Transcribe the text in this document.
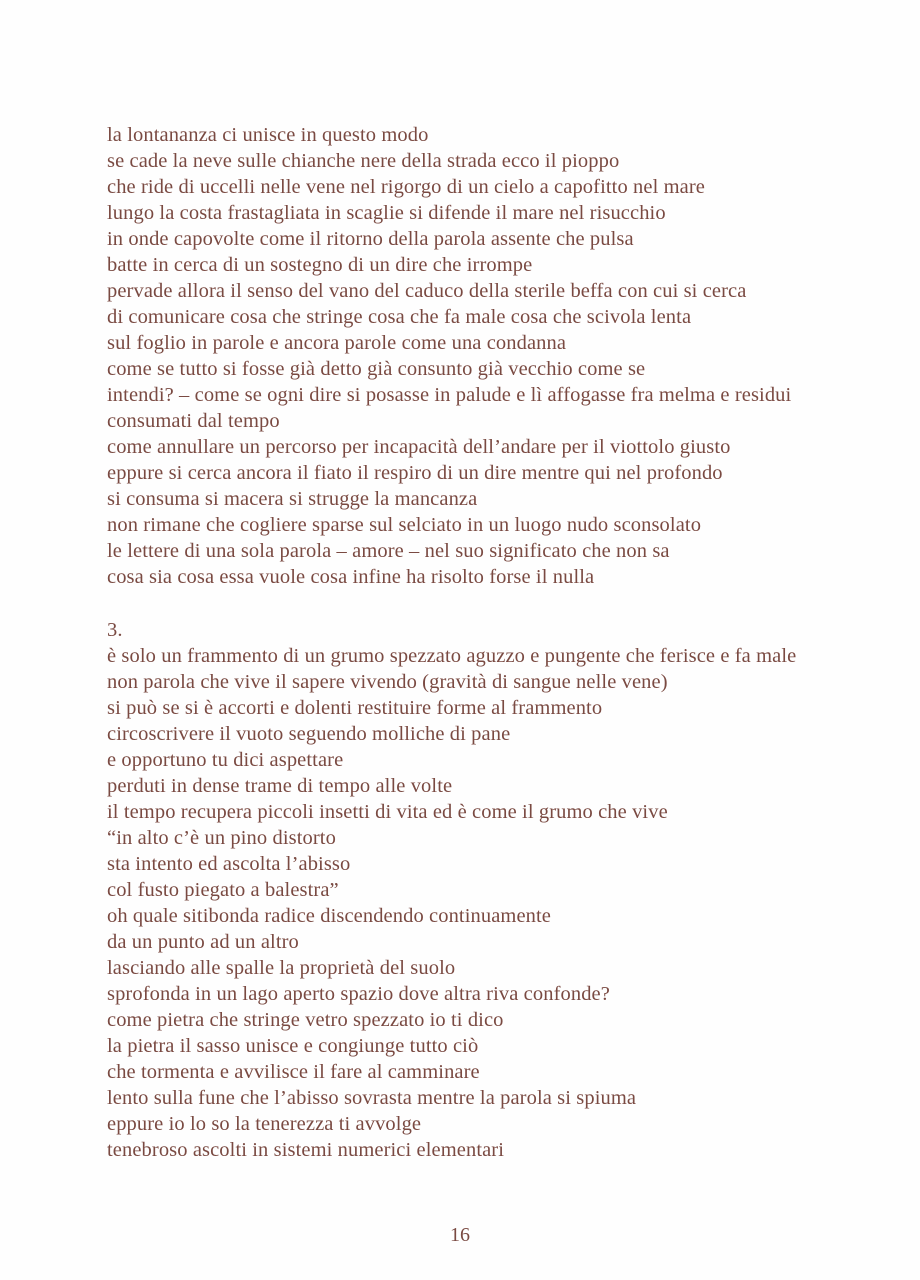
la lontananza ci unisce in questo modo
se cade la neve sulle chianche nere della strada ecco il pioppo
che ride di uccelli nelle vene nel rigorgo di un cielo a capofitto nel mare
lungo la costa frastagliata in scaglie si difende il mare nel risucchio
in onde capovolte come il ritorno della parola assente che pulsa
batte in cerca di un sostegno di un dire che irrompe
pervade allora il senso del vano del caduco della sterile beffa con cui si cerca
di comunicare cosa che stringe cosa che fa male cosa che scivola lenta
sul foglio in parole e ancora parole come una condanna
come se tutto si fosse già detto già consunto già vecchio come se
intendi? – come se ogni dire si posasse in palude e lì affogasse fra melma e residui
consumati dal tempo
come annullare un percorso per incapacità dell’andare per il viottolo giusto
eppure si cerca ancora il fiato il respiro di un dire mentre qui nel profondo
si consuma si macera si strugge la mancanza
non rimane che cogliere sparse sul selciato in un luogo nudo sconsolato
le lettere di una sola parola – amore – nel suo significato che non sa
cosa sia cosa essa vuole cosa infine ha risolto forse il nulla
3.
è solo un frammento di un grumo spezzato aguzzo e pungente che ferisce e fa male
non parola che vive il sapere vivendo (gravità di sangue nelle vene)
si può se si è accorti e dolenti restituire forme al frammento
circoscrivere il vuoto seguendo molliche di pane
e opportuno tu dici aspettare
perduti in dense trame di tempo alle volte
il tempo recupera piccoli insetti di vita ed è come il grumo che vive
“in alto c’è un pino distorto
sta intento ed ascolta l’abisso
col fusto piegato a balestra”
oh quale sitibonda radice discendendo continuamente
da un punto ad un altro
lasciando alle spalle la proprietà del suolo
sprofonda in un lago aperto spazio dove altra riva confonde?
come pietra che stringe vetro spezzato io ti dico
la pietra il sasso unisce e congiunge tutto ciò
che tormenta e avvilisce il fare al camminare
lento sulla fune che l’abisso sovrasta mentre la parola si spiuma
eppure io lo so la tenerezza ti avvolge
tenebroso ascolti in sistemi numerici elementari
16
